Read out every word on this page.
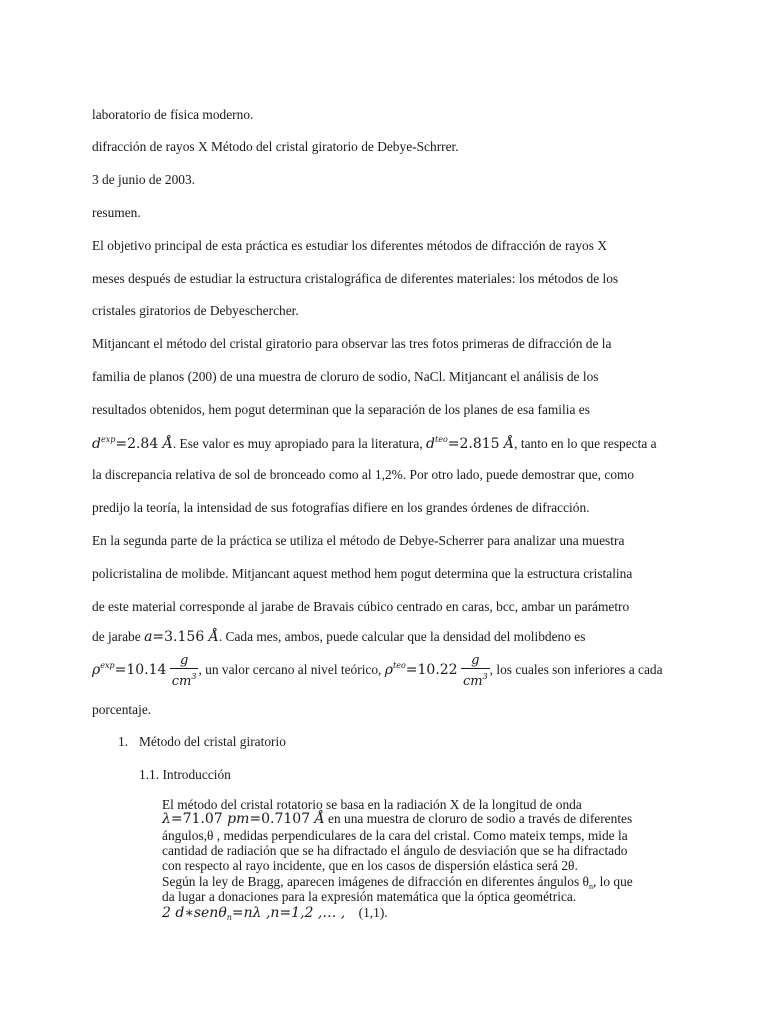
laboratorio de física moderno.
difracción de rayos X Método del cristal giratorio de Debye-Schrrer.
3 de junio de 2003.
resumen.
El objetivo principal de esta práctica es estudiar los diferentes métodos de difracción de rayos X
meses después de estudiar la estructura cristalográfica de diferentes materiales: los métodos de los
cristales giratorios de Debyeschercher.
Mitjancant el método del cristal giratorio para observar las tres fotos primeras de difracción de la
familia de planos (200) de una muestra de cloruro de sodio, NaCl. Mitjancant el análisis de los
resultados obtenidos, hem pogut determinan que la separación de los planes de esa familia es
$d^{exp}=2.84$ Å. Ese valor es muy apropiado para la literatura, $d^{teo}=2.815$ Å, tanto en lo que respecta a
la discrepancia relativa de sol de bronceado como al 1,2%. Por otro lado, puede demostrar que, como
predijo la teoría, la intensidad de sus fotografías difiere en los grandes órdenes de difracción.
En la segunda parte de la práctica se utiliza el método de Debye-Scherrer para analizar una muestra
policristalina de molibde. Mitjancant aquest method hem pogut determina que la estructura cristalina
de este material corresponde al jarabe de Bravais cúbico centrado en caras, bcc, ambar un parámetro
de jarabe a=3.156 Å. Cada mes, ambos, puede calcular que la densidad del molibdeno es
$\rho^{exp}=10.14 \frac{g}{cm^3}$ , un valor cercano al nivel teórico, $\rho^{teo}=10.22 \frac{g}{cm^3}$ , los cuales son inferiores a cada
porcentaje.
1. Método del cristal giratorio
1.1. Introducción
El método del cristal rotatorio se basa en la radiación X de la longitud de onda
λ=71.07 pm=0.7107 Å en una muestra de cloruro de sodio a través de diferentes
ángulos,θ , medidas perpendiculares de la cara del cristal. Como mateix temps, mide la
cantidad de radiación que se ha difractado el ángulo de desviación que se ha difractado
con respecto al rayo incidente, que en los casos de dispersión elástica será 2θ.
Según la ley de Bragg, aparecen imágenes de difracción en diferentes ángulos $\theta_n$, lo que
da lugar a donaciones para la expresión matemática que la óptica geométrica.
2 d∗senθ$_n$=nλ ,n=1,2 ,… , (1,1).
